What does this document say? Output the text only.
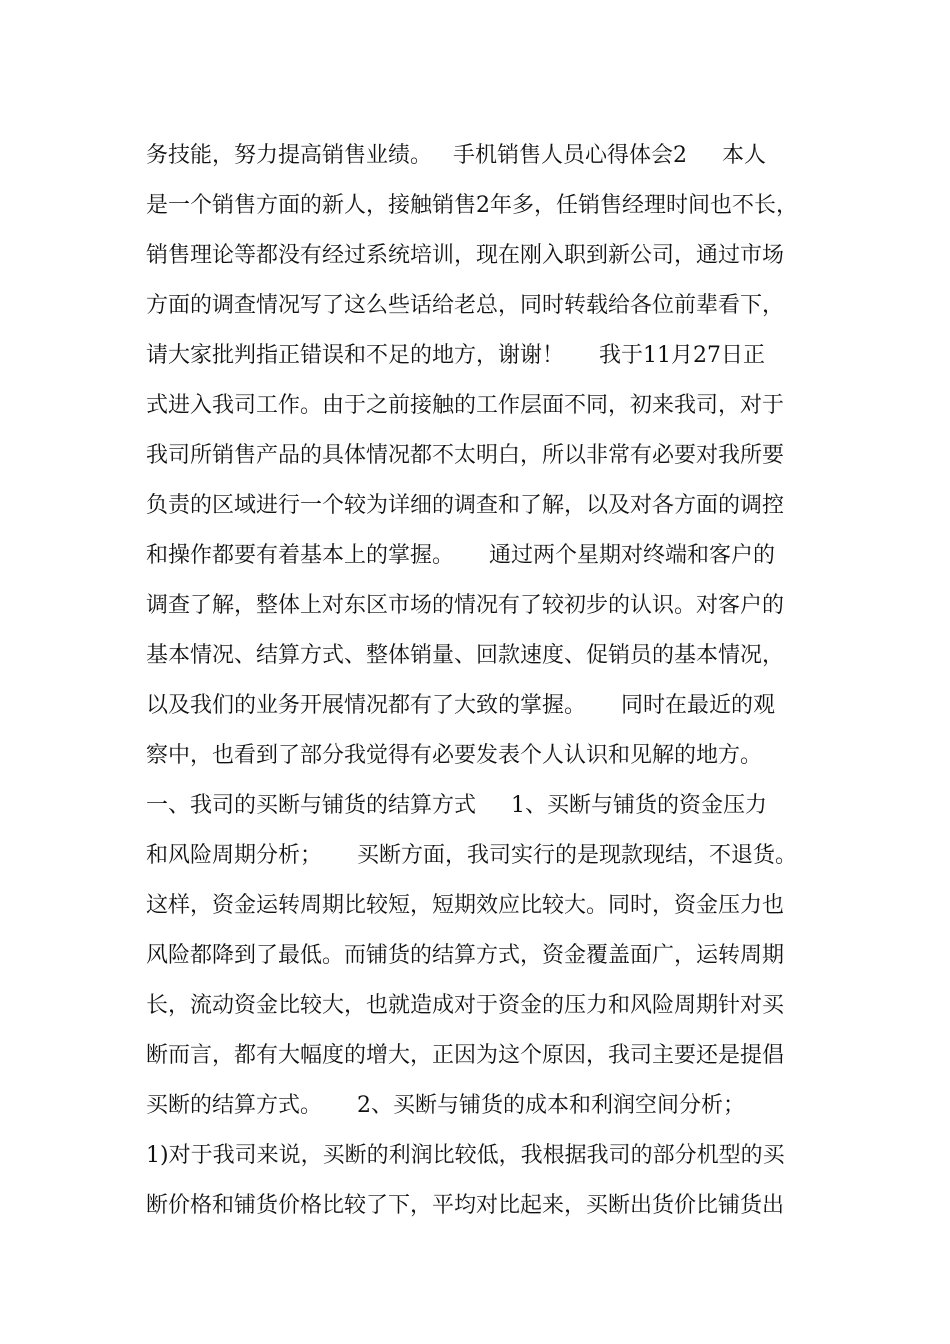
务技能，努力提高销售业绩。   手机销售人员心得体会2     本人
是一个销售方面的新人，接触销售2年多，任销售经理时间也不长，
销售理论等都没有经过系统培训，现在刚入职到新公司，通过市场
方面的调查情况写了这么些话给老总，同时转载给各位前辈看下，
请大家批判指正错误和不足的地方，谢谢！     我于11月27日正
式进入我司工作。由于之前接触的工作层面不同，初来我司，对于
我司所销售产品的具体情况都不太明白，所以非常有必要对我所要
负责的区域进行一个较为详细的调查和了解，以及对各方面的调控
和操作都要有着基本上的掌握。     通过两个星期对终端和客户的
调查了解，整体上对东区市场的情况有了较初步的认识。对客户的
基本情况、结算方式、整体销量、回款速度、促销员的基本情况，
以及我们的业务开展情况都有了大致的掌握。     同时在最近的观
察中，也看到了部分我觉得有必要发表个人认识和见解的地方。
一、我司的买断与铺货的结算方式     1、买断与铺货的资金压力
和风险周期分析；     买断方面，我司实行的是现款现结，不退货。
这样，资金运转周期比较短，短期效应比较大。同时，资金压力也
风险都降到了最低。而铺货的结算方式，资金覆盖面广，运转周期
长，流动资金比较大，也就造成对于资金的压力和风险周期针对买
断而言，都有大幅度的增大，正因为这个原因，我司主要还是提倡
买断的结算方式。     2、买断与铺货的成本和利润空间分析；
1)对于我司来说，买断的利润比较低，我根据我司的部分机型的买
断价格和铺货价格比较了下，平均对比起来，买断出货价比铺货出
